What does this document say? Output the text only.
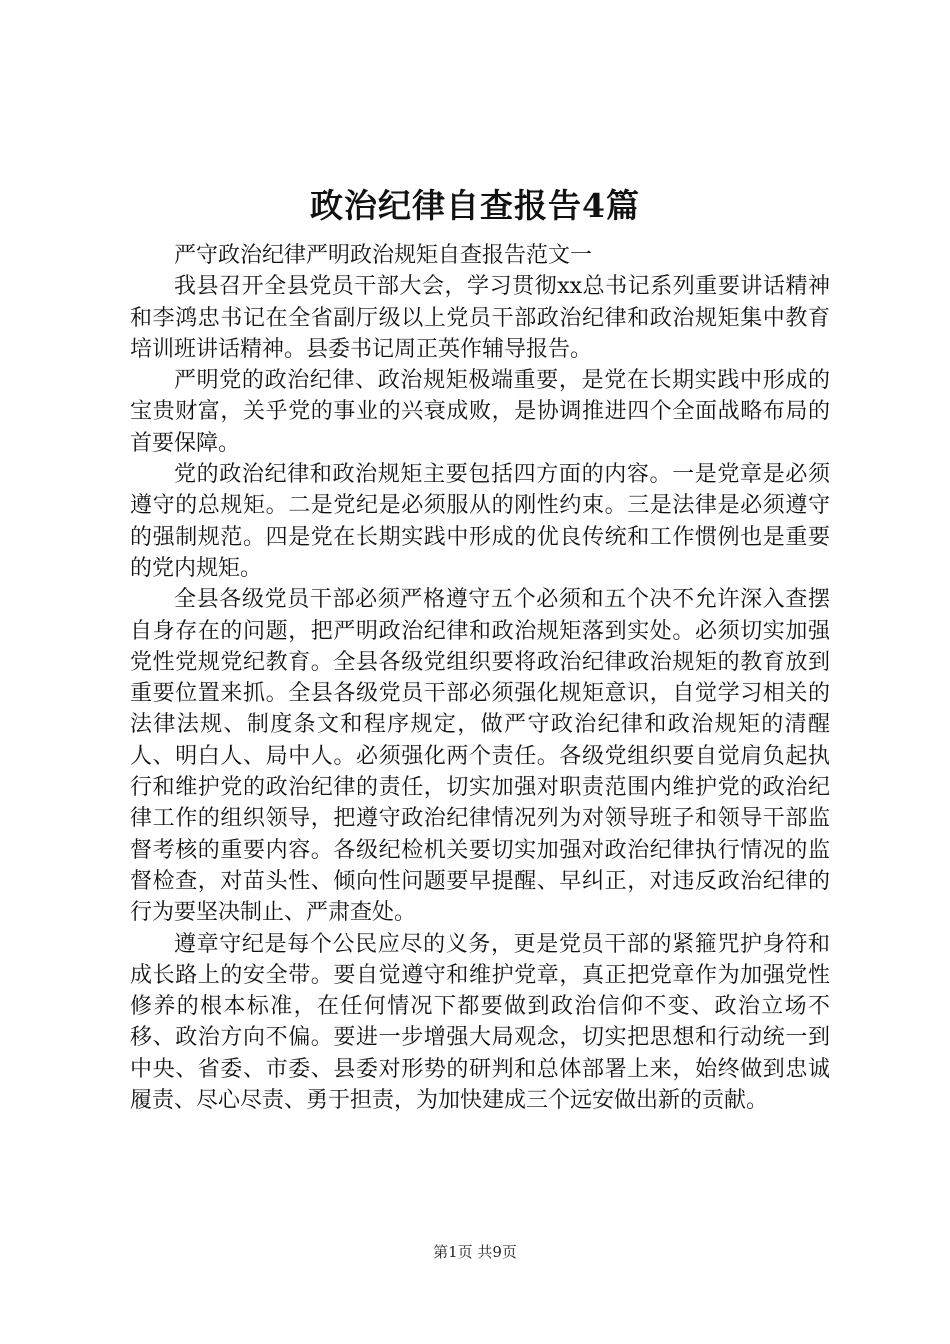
政治纪律自查报告4篇

严守政治纪律严明政治规矩自查报告范文一

我县召开全县党员干部大会，学习贯彻xx总书记系列重要讲话精神和李鸿忠书记在全省副厅级以上党员干部政治纪律和政治规矩集中教育培训班讲话精神。县委书记周正英作辅导报告。

严明党的政治纪律、政治规矩极端重要，是党在长期实践中形成的宝贵财富，关乎党的事业的兴衰成败，是协调推进四个全面战略布局的首要保障。

党的政治纪律和政治规矩主要包括四方面的内容。一是党章是必须遵守的总规矩。二是党纪是必须服从的刚性约束。三是法律是必须遵守的强制规范。四是党在长期实践中形成的优良传统和工作惯例也是重要的党内规矩。

全县各级党员干部必须严格遵守五个必须和五个决不允许深入查摆自身存在的问题，把严明政治纪律和政治规矩落到实处。必须切实加强党性党规党纪教育。全县各级党组织要将政治纪律政治规矩的教育放到重要位置来抓。全县各级党员干部必须强化规矩意识，自觉学习相关的法律法规、制度条文和程序规定，做严守政治纪律和政治规矩的清醒人、明白人、局中人。必须强化两个责任。各级党组织要自觉肩负起执行和维护党的政治纪律的责任，切实加强对职责范围内维护党的政治纪律工作的组织领导，把遵守政治纪律情况列为对领导班子和领导干部监督考核的重要内容。各级纪检机关要切实加强对政治纪律执行情况的监督检查，对苗头性、倾向性问题要早提醒、早纠正，对违反政治纪律的行为要坚决制止、严肃查处。

遵章守纪是每个公民应尽的义务，更是党员干部的紧箍咒护身符和成长路上的安全带。要自觉遵守和维护党章，真正把党章作为加强党性修养的根本标准，在任何情况下都要做到政治信仰不变、政治立场不移、政治方向不偏。要进一步增强大局观念，切实把思想和行动统一到中央、省委、市委、县委对形势的研判和总体部署上来，始终做到忠诚履责、尽心尽责、勇于担责，为加快建成三个远安做出新的贡献。

第1页 共9页
